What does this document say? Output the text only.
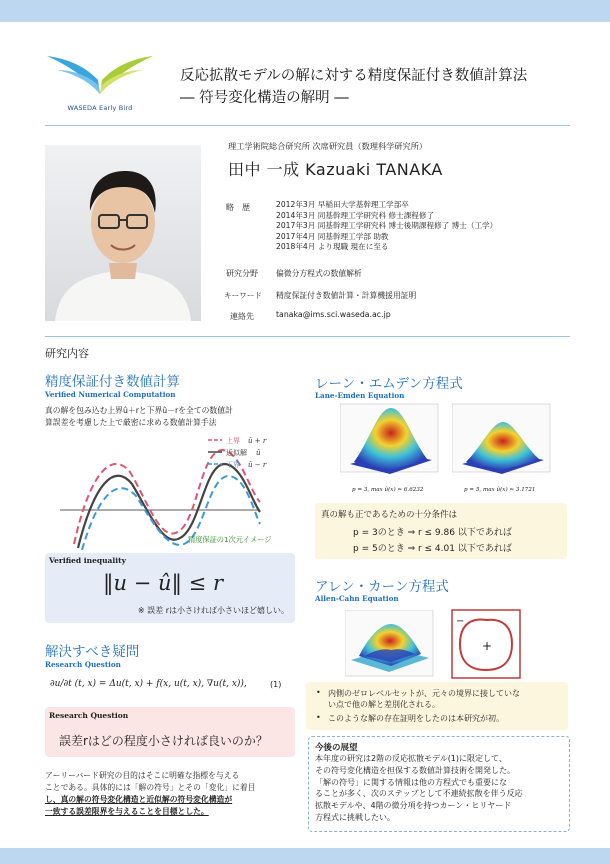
WASEDA Early Bird
反応拡散モデルの解に対する精度保証付き数値計算法
― 符号変化構造の解明 ―
理工学術院総合研究所 次席研究員（数理科学研究所）
田中 一成 Kazuaki TANAKA
略　歴	2012年3月 早稲田大学基幹理工学部卒
2014年3月 同基幹理工学研究科 修士課程修了
2017年3月 同基幹理工学研究科 博士後期課程修了 博士（工学）
2017年4月 同基幹理工学部 助教
2018年4月 より現職 現在に至る
研究分野	偏微分方程式の数値解析
キーワード	精度保証付き数値計算・計算機援用証明
連絡先	tanaka@ims.sci.waseda.ac.jp
研究内容
精度保証付き数値計算
Verified Numerical Computation
真の解を包み込む上界û＋rと下界û－rを全ての数値計
算誤差を考慮した上で厳密に求める数値計算手法
上界 û + r
近似解 û
下界 û − r
精度保証の1次元イメージ
Verified inequality
‖u − û‖ ≤ r
※ 誤差 rは小さければ小さいほど嬉しい。
解決すべき疑問
Research Question
∂u/∂t (t, x) = Δu(t, x) + f(x, u(t, x), ∇u(t, x)),	(1)
Research Question
誤差rはどの程度小さければ良いのか？
アーリーバード研究の目的はそこに明確な指標を与える
ことである。具体的には「解の符号」とその「変化」に着目
し、真の解の符号変化構造と近似解の符号変化構造が
一致する誤差限界を与えることを目標とした。
レーン・エムデン方程式
Lane-Emden Equation
p = 3, max û(x) ≈ 6.6232	p = 5, max û(x) ≈ 3.1721
真の解も正であるための十分条件は
p = 3のとき ⇒ r ≤ 9.86 以下であれば
p = 5のとき ⇒ r ≤ 4.01 以下であれば
アレン・カーン方程式
Allen-Cahn Equation
−
+
• 内側のゼロレベルセットが、元々の境界に接していな
い点で他の解と差別化される。
• このような解の存在証明をしたのは本研究が初。
今後の展望
本年度の研究は2階の反応拡散モデル(1)に限定して、
その符号変化構造を担保する数値計算技術を開発した。
「解の符号」に関する情報は他の方程式でも重要にな
ることが多く、次のステップとして不連続拡散を伴う反応
拡散モデルや、4階の微分項を持つカーン・ヒリヤード
方程式に挑戦したい。
